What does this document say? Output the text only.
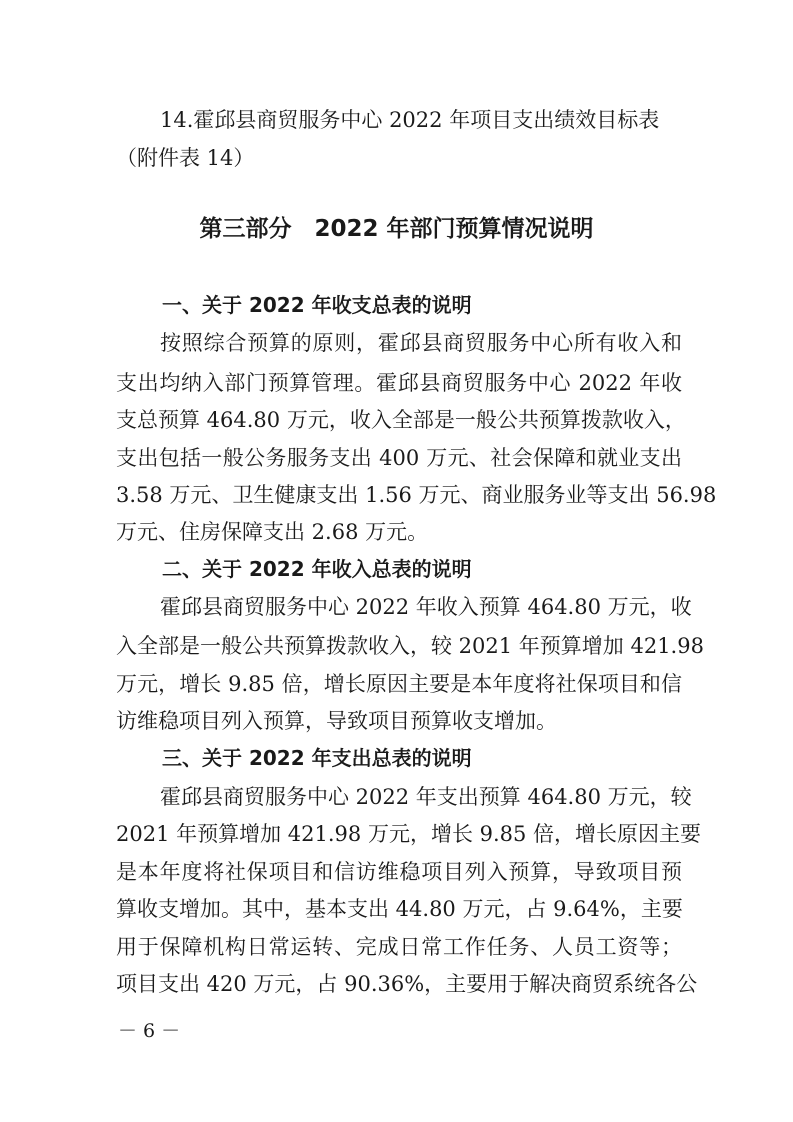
14.霍邱县商贸服务中心 2022 年项目支出绩效目标表
（附件表 14）
第三部分　2022 年部门预算情况说明
一、关于 2022 年收支总表的说明
按照综合预算的原则，霍邱县商贸服务中心所有收入和
支出均纳入部门预算管理。霍邱县商贸服务中心 2022 年收
支总预算 464.80 万元，收入全部是一般公共预算拨款收入，
支出包括一般公务服务支出 400 万元、社会保障和就业支出
3.58 万元、卫生健康支出 1.56 万元、商业服务业等支出 56.98
万元、住房保障支出 2.68 万元。
二、关于 2022 年收入总表的说明
霍邱县商贸服务中心 2022 年收入预算 464.80 万元，收
入全部是一般公共预算拨款收入，较 2021 年预算增加 421.98
万元，增长 9.85 倍，增长原因主要是本年度将社保项目和信
访维稳项目列入预算，导致项目预算收支增加。
三、关于 2022 年支出总表的说明
霍邱县商贸服务中心 2022 年支出预算 464.80 万元，较
2021 年预算增加 421.98 万元，增长 9.85 倍，增长原因主要
是本年度将社保项目和信访维稳项目列入预算，导致项目预
算收支增加。其中，基本支出 44.80 万元，占 9.64%，主要
用于保障机构日常运转、完成日常工作任务、人员工资等；
项目支出 420 万元，占 90.36%，主要用于解决商贸系统各公
－ 6 －
